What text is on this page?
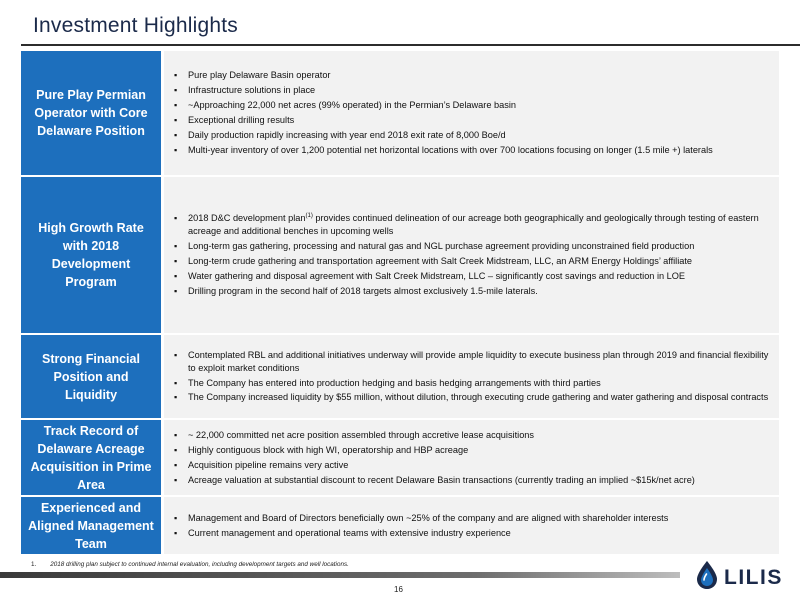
Investment Highlights
Pure Play Permian Operator with Core Delaware Position
▪ Pure play Delaware Basin operator
▪ Infrastructure solutions in place
▪ ~Approaching 22,000 net acres (99% operated) in the Permian’s Delaware basin
▪ Exceptional drilling results
▪ Daily production rapidly increasing with year end 2018 exit rate of 8,000 Boe/d
▪ Multi-year inventory of over 1,200 potential net horizontal locations with over 700 locations focusing on longer (1.5 mile +) laterals
High Growth Rate with 2018 Development Program
▪ 2018 D&C development plan$^{(1)}$ provides continued delineation of our acreage both geographically and geologically through testing of eastern acreage and additional benches in upcoming wells
▪ Long-term gas gathering, processing and natural gas and NGL purchase agreement providing unconstrained field production
▪ Long-term crude gathering and transportation agreement with Salt Creek Midstream, LLC, an ARM Energy Holdings’ affiliate
▪ Water gathering and disposal agreement with Salt Creek Midstream, LLC – significantly cost savings and reduction in LOE
▪ Drilling program in the second half of 2018 targets almost exclusively 1.5-mile laterals.
Strong Financial Position and Liquidity
▪ Contemplated RBL and additional initiatives underway will provide ample liquidity to execute business plan through 2019 and financial flexibility to exploit market conditions
▪ The Company has entered into production hedging and basis hedging arrangements with third parties
▪ The Company increased liquidity by $55 million, without dilution, through executing crude gathering and water gathering and disposal contracts
Track Record of Delaware Acreage Acquisition in Prime Area
▪ ~ 22,000 committed net acre position assembled through accretive lease acquisitions
▪ Highly contiguous block with high WI, operatorship and HBP acreage
▪ Acquisition pipeline remains very active
▪ Acreage valuation at substantial discount to recent Delaware Basin transactions (currently trading an implied ~$15k/net acre)
Experienced and Aligned Management Team
▪ Management and Board of Directors beneficially own ~25% of the company and are aligned with shareholder interests
▪ Current management and operational teams with extensive industry experience
1. 2018 drilling plan subject to continued internal evaluation, including development targets and well locations.
16
LILIS
